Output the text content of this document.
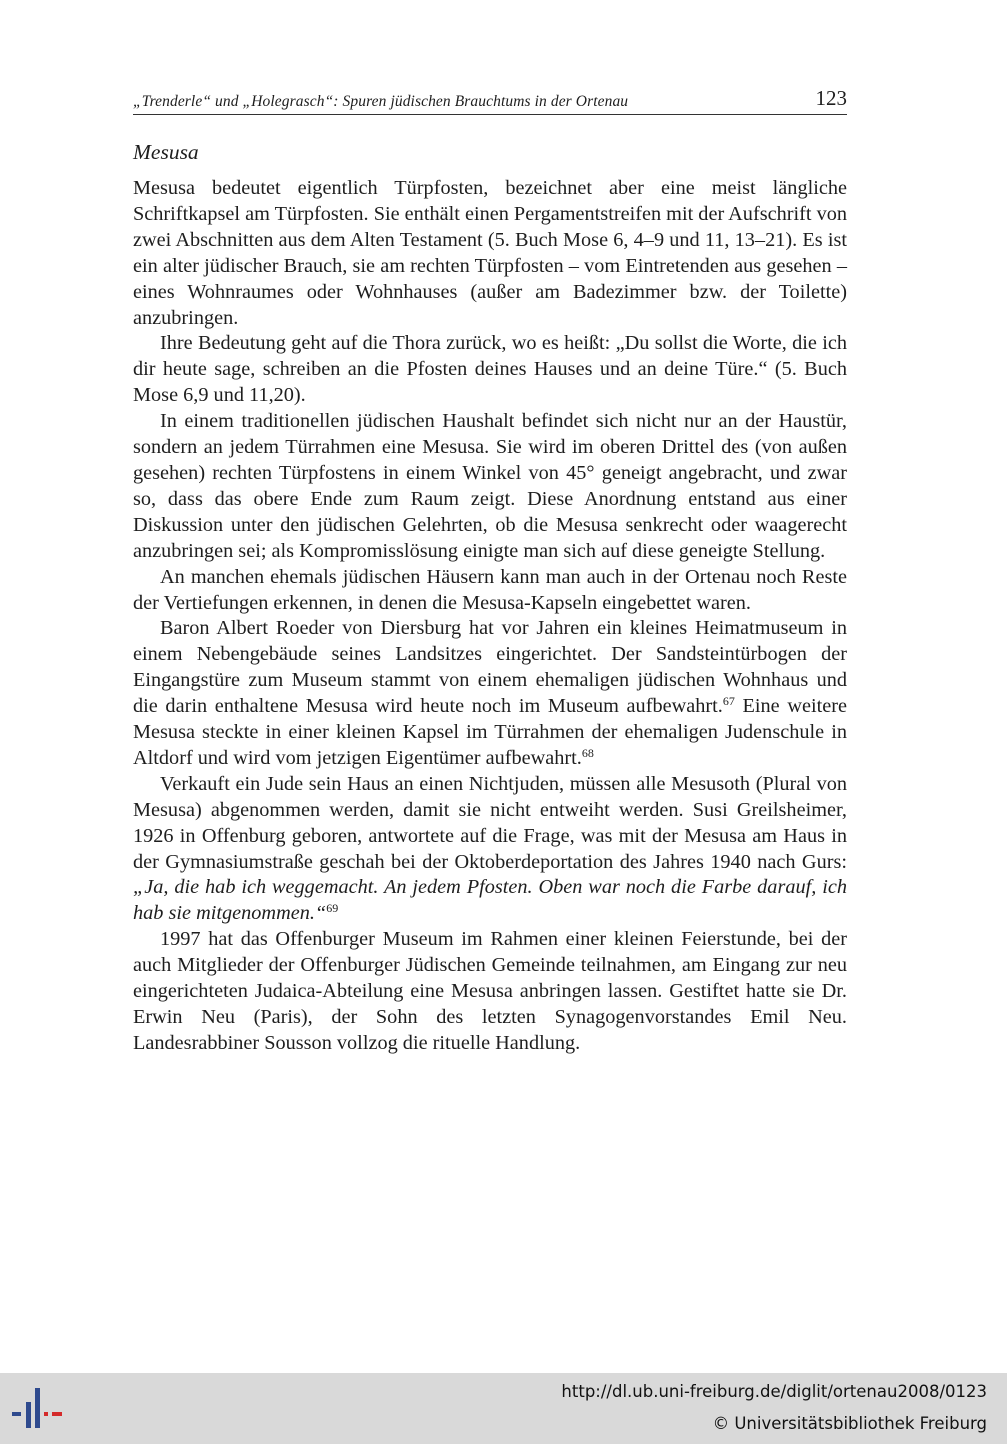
„Trenderle“ und „Holegrasch“: Spuren jüdischen Brauchtums in der Ortenau	123
Mesusa

Mesusa bedeutet eigentlich Türpfosten, bezeichnet aber eine meist längliche Schriftkapsel am Türpfosten. Sie enthält einen Pergamentstreifen mit der Aufschrift von zwei Abschnitten aus dem Alten Testament (5. Buch Mose 6, 4–9 und 11, 13–21). Es ist ein alter jüdischer Brauch, sie am rechten Türpfosten – vom Eintretenden aus gesehen – eines Wohnraumes oder Wohnhauses (außer am Badezimmer bzw. der Toilette) anzubringen.

Ihre Bedeutung geht auf die Thora zurück, wo es heißt: „Du sollst die Worte, die ich dir heute sage, schreiben an die Pfosten deines Hauses und an deine Türe.“ (5. Buch Mose 6,9 und 11,20).

In einem traditionellen jüdischen Haushalt befindet sich nicht nur an der Haustür, sondern an jedem Türrahmen eine Mesusa. Sie wird im oberen Drittel des (von außen gesehen) rechten Türpfostens in einem Winkel von 45° geneigt angebracht, und zwar so, dass das obere Ende zum Raum zeigt. Diese Anordnung entstand aus einer Diskussion unter den jüdischen Gelehrten, ob die Mesusa senkrecht oder waagerecht anzubringen sei; als Kompromisslösung einigte man sich auf diese geneigte Stellung.

An manchen ehemals jüdischen Häusern kann man auch in der Ortenau noch Reste der Vertiefungen erkennen, in denen die Mesusa-Kapseln eingebettet waren.

Baron Albert Roeder von Diersburg hat vor Jahren ein kleines Heimatmuseum in einem Nebengebäude seines Landsitzes eingerichtet. Der Sandsteintürbogen der Eingangstüre zum Museum stammt von einem ehemaligen jüdischen Wohnhaus und die darin enthaltene Mesusa wird heute noch im Museum aufbewahrt.$^{67}$ Eine weitere Mesusa steckte in einer kleinen Kapsel im Türrahmen der ehemaligen Judenschule in Altdorf und wird vom jetzigen Eigentümer aufbewahrt.$^{68}$

Verkauft ein Jude sein Haus an einen Nichtjuden, müssen alle Mesusoth (Plural von Mesusa) abgenommen werden, damit sie nicht entweiht werden. Susi Greilsheimer, 1926 in Offenburg geboren, antwortete auf die Frage, was mit der Mesusa am Haus in der Gymnasiumstraße geschah bei der Oktoberdeportation des Jahres 1940 nach Gurs: „Ja, die hab ich weggemacht. An jedem Pfosten. Oben war noch die Farbe darauf, ich hab sie mitgenommen.“$^{69}$

1997 hat das Offenburger Museum im Rahmen einer kleinen Feierstunde, bei der auch Mitglieder der Offenburger Jüdischen Gemeinde teilnahmen, am Eingang zur neu eingerichteten Judaica-Abteilung eine Mesusa anbringen lassen. Gestiftet hatte sie Dr. Erwin Neu (Paris), der Sohn des letzten Synagogenvorstandes Emil Neu. Landesrabbiner Sousson vollzog die rituelle Handlung.

http://dl.ub.uni-freiburg.de/diglit/ortenau2008/0123
© Universitätsbibliothek Freiburg
